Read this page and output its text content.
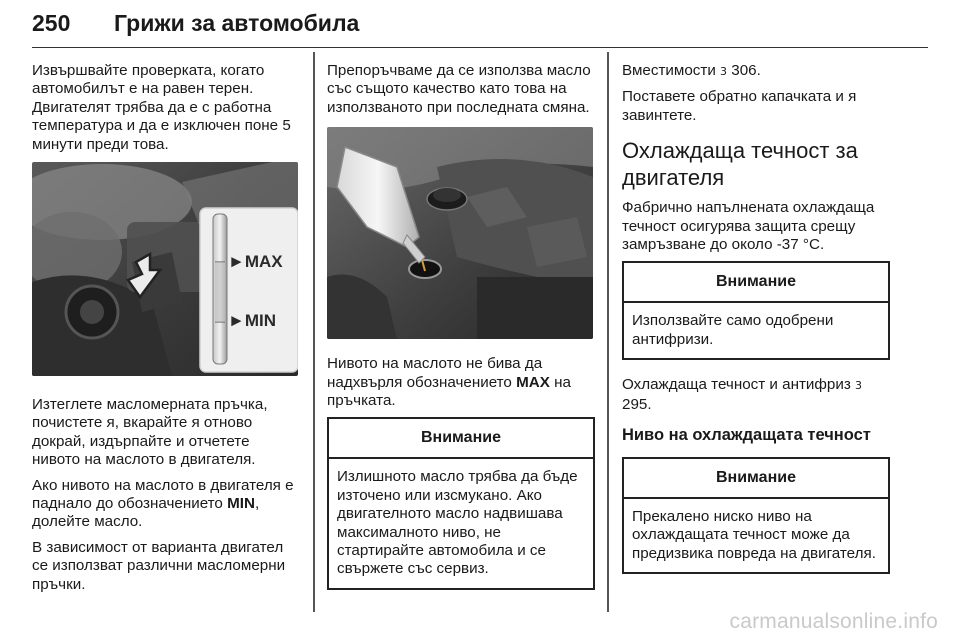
250 Грижи за автомобила

Извършвайте проверката, когато автомобилът е на равен терен. Двигателят трябва да е с работна температура и да е изключен поне 5 минути преди това.

►MAX
►MIN

Изтеглете масломерната пръчка, почистете я, вкарайте я отново докрай, издърпайте и отчетете нивото на маслото в двигателя.

Ако нивото на маслото в двигателя е паднало до обозначението MIN, долейте масло.

В зависимост от варианта двигател се използват различни масломерни пръчки.

Препоръчваме да се използва масло със същото качество като това на използваното при последната смяна.

Нивото на маслото не бива да надхвърля обозначението MAX на пръчката.

Внимание
Излишното масло трябва да бъде източено или изсмукано. Ако двигателното масло надвишава максималното ниво, не стартирайте автомобила и се свържете със сервиз.

Вместимости 3 306.

Поставете обратно капачката и я завинтете.

Охлаждаща течност за двигателя

Фабрично напълнената охлаждаща течност осигурява защита срещу замръзване до около -37 °C.

Внимание
Използвайте само одобрени антифризи.

Охлаждаща течност и антифриз 3 295.

Ниво на охлаждащата течност
Внимание
Прекалено ниско ниво на охлаждащата течност може да предизвика повреда на двигателя.
carmanualsonline.info
